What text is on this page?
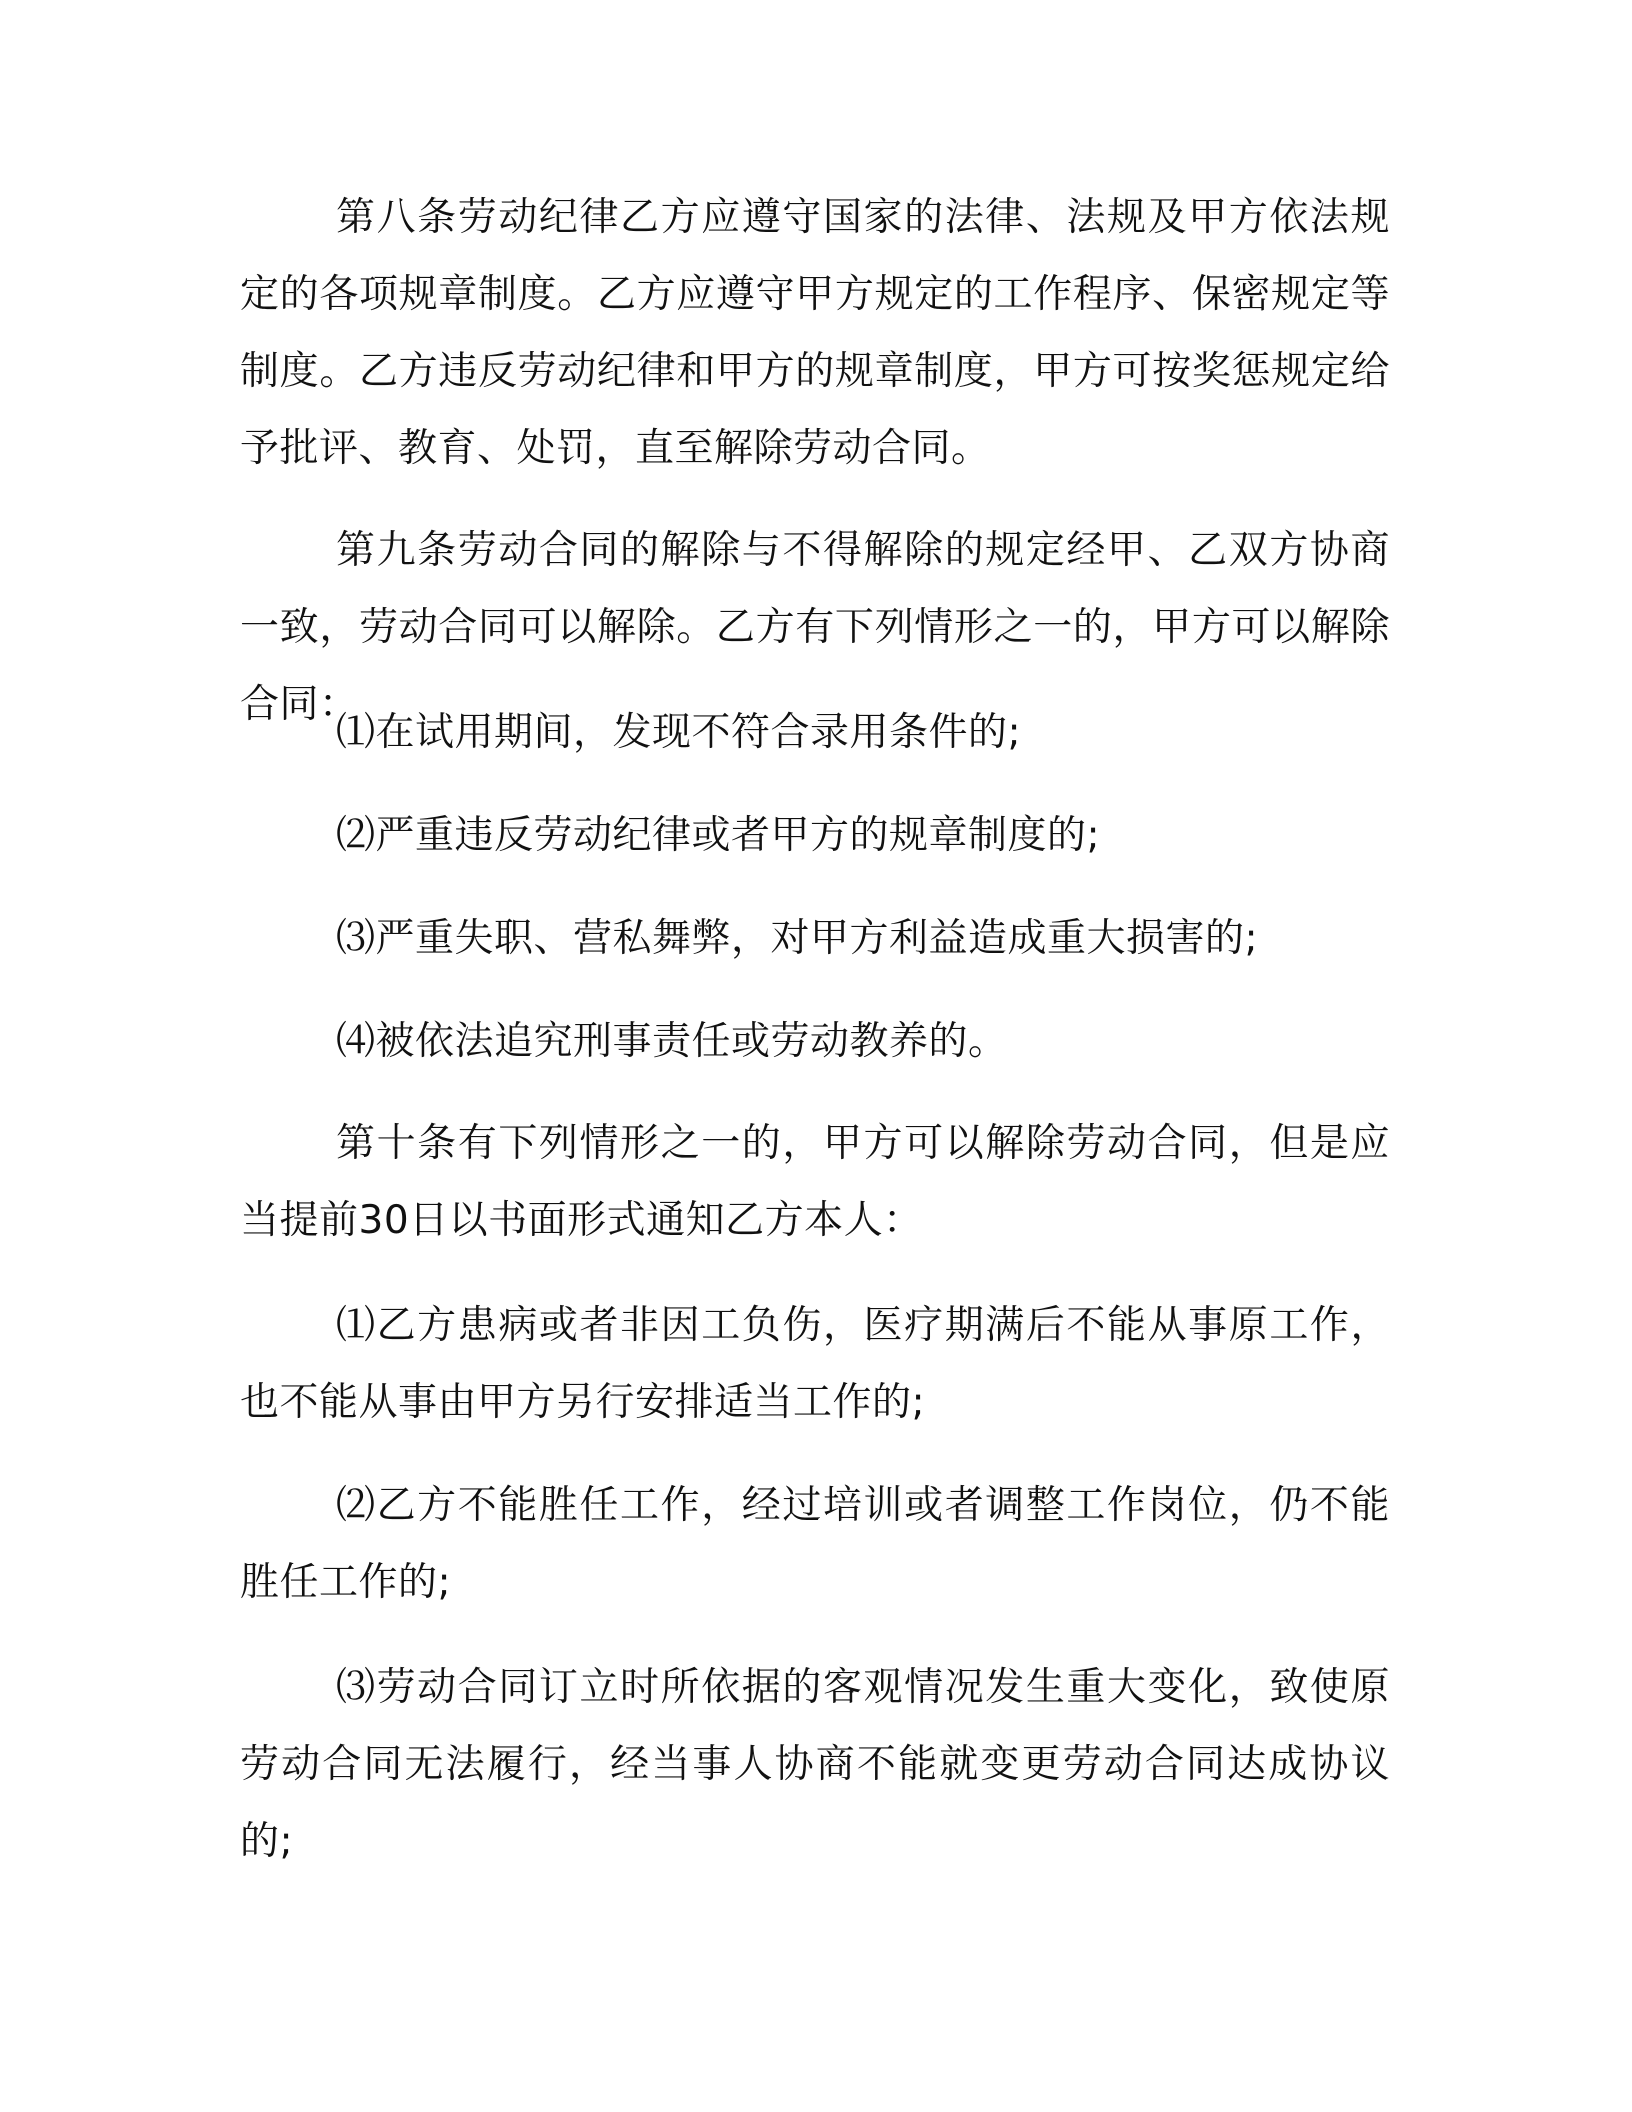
第八条劳动纪律乙方应遵守国家的法律、法规及甲方依法规定的各项规章制度。乙方应遵守甲方规定的工作程序、保密规定等制度。乙方违反劳动纪律和甲方的规章制度，甲方可按奖惩规定给予批评、教育、处罚，直至解除劳动合同。

第九条劳动合同的解除与不得解除的规定经甲、乙双方协商一致，劳动合同可以解除。乙方有下列情形之一的，甲方可以解除合同：

⑴在试用期间，发现不符合录用条件的;

⑵严重违反劳动纪律或者甲方的规章制度的;

⑶严重失职、营私舞弊，对甲方利益造成重大损害的;

⑷被依法追究刑事责任或劳动教养的。

第十条有下列情形之一的，甲方可以解除劳动合同，但是应当提前30日以书面形式通知乙方本人：

⑴乙方患病或者非因工负伤，医疗期满后不能从事原工作，也不能从事由甲方另行安排适当工作的;

⑵乙方不能胜任工作，经过培训或者调整工作岗位，仍不能胜任工作的;

⑶劳动合同订立时所依据的客观情况发生重大变化，致使原劳动合同无法履行，经当事人协商不能就变更劳动合同达成协议的;
